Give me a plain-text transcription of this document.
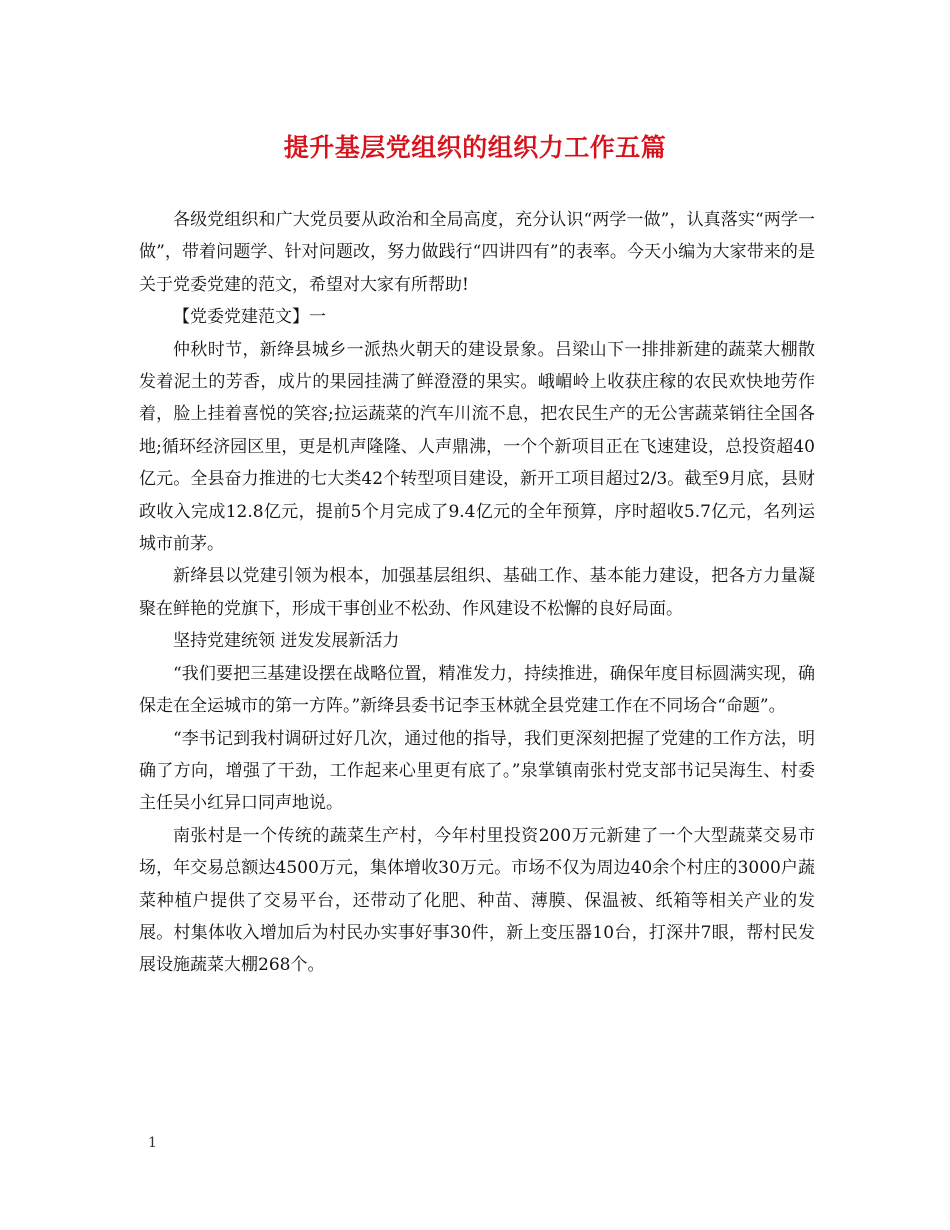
提升基层党组织的组织力工作五篇

各级党组织和广大党员要从政治和全局高度，充分认识“两学一做”，认真落实“两学一做”，带着问题学、针对问题改，努力做践行“四讲四有”的表率。今天小编为大家带来的是关于党委党建的范文，希望对大家有所帮助!

【党委党建范文】一

仲秋时节，新绛县城乡一派热火朝天的建设景象。吕梁山下一排排新建的蔬菜大棚散发着泥土的芳香，成片的果园挂满了鲜澄澄的果实。峨嵋岭上收获庄稼的农民欢快地劳作着，脸上挂着喜悦的笑容;拉运蔬菜的汽车川流不息，把农民生产的无公害蔬菜销往全国各地;循环经济园区里，更是机声隆隆、人声鼎沸，一个个新项目正在飞速建设，总投资超40亿元。全县奋力推进的七大类42个转型项目建设，新开工项目超过2/3。截至9月底，县财政收入完成12.8亿元，提前5个月完成了9.4亿元的全年预算，序时超收5.7亿元，名列运城市前茅。

新绛县以党建引领为根本，加强基层组织、基础工作、基本能力建设，把各方力量凝聚在鲜艳的党旗下，形成干事创业不松劲、作风建设不松懈的良好局面。

坚持党建统领 迸发发展新活力

“我们要把三基建设摆在战略位置，精准发力，持续推进，确保年度目标圆满实现，确保走在全运城市的第一方阵。”新绛县委书记李玉林就全县党建工作在不同场合“命题”。

“李书记到我村调研过好几次，通过他的指导，我们更深刻把握了党建的工作方法，明确了方向，增强了干劲，工作起来心里更有底了。”泉掌镇南张村党支部书记吴海生、村委主任吴小红异口同声地说。

南张村是一个传统的蔬菜生产村，今年村里投资200万元新建了一个大型蔬菜交易市场，年交易总额达4500万元，集体增收30万元。市场不仅为周边40余个村庄的3000户蔬菜种植户提供了交易平台，还带动了化肥、种苗、薄膜、保温被、纸箱等相关产业的发展。村集体收入增加后为村民办实事好事30件，新上变压器10台，打深井7眼，帮村民发展设施蔬菜大棚268个。

1
